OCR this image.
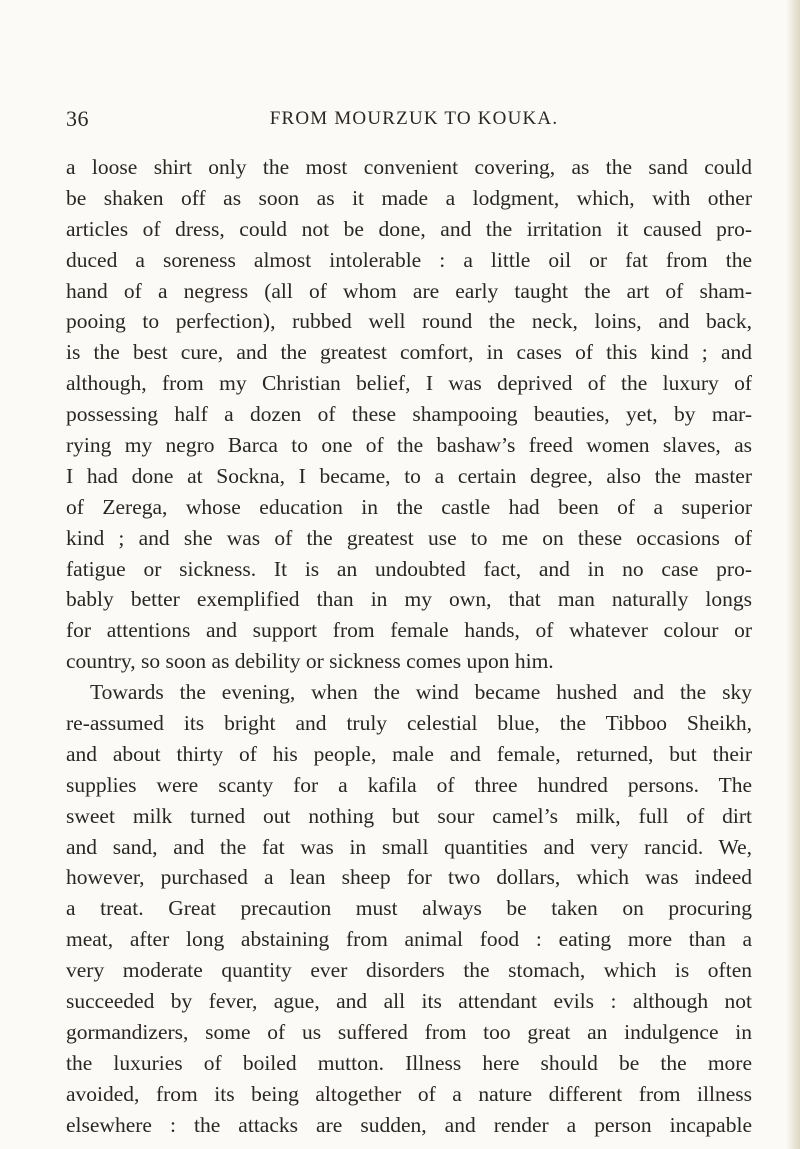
36	FROM MOURZUK TO KOUKA.
a loose shirt only the most convenient covering, as the sand could
be shaken off as soon as it made a lodgment, which, with other
articles of dress, could not be done, and the irritation it caused pro-
duced a soreness almost intolerable : a little oil or fat from the
hand of a negress (all of whom are early taught the art of sham-
pooing to perfection), rubbed well round the neck, loins, and back,
is the best cure, and the greatest comfort, in cases of this kind ; and
although, from my Christian belief, I was deprived of the luxury of
possessing half a dozen of these shampooing beauties, yet, by mar-
rying my negro Barca to one of the bashaw’s freed women slaves, as
I had done at Sockna, I became, to a certain degree, also the master
of Zerega, whose education in the castle had been of a superior
kind ; and she was of the greatest use to me on these occasions of
fatigue or sickness. It is an undoubted fact, and in no case pro-
bably better exemplified than in my own, that man naturally longs
for attentions and support from female hands, of whatever colour or
country, so soon as debility or sickness comes upon him.
Towards the evening, when the wind became hushed and the sky
re-assumed its bright and truly celestial blue, the Tibboo Sheikh,
and about thirty of his people, male and female, returned, but their
supplies were scanty for a kafila of three hundred persons. The
sweet milk turned out nothing but sour camel’s milk, full of dirt
and sand, and the fat was in small quantities and very rancid. We,
however, purchased a lean sheep for two dollars, which was indeed
a treat. Great precaution must always be taken on procuring
meat, after long abstaining from animal food : eating more than a
very moderate quantity ever disorders the stomach, which is often
succeeded by fever, ague, and all its attendant evils : although not
gormandizers, some of us suffered from too great an indulgence in
the luxuries of boiled mutton. Illness here should be the more
avoided, from its being altogether of a nature different from illness
elsewhere : the attacks are sudden, and render a person incapable
